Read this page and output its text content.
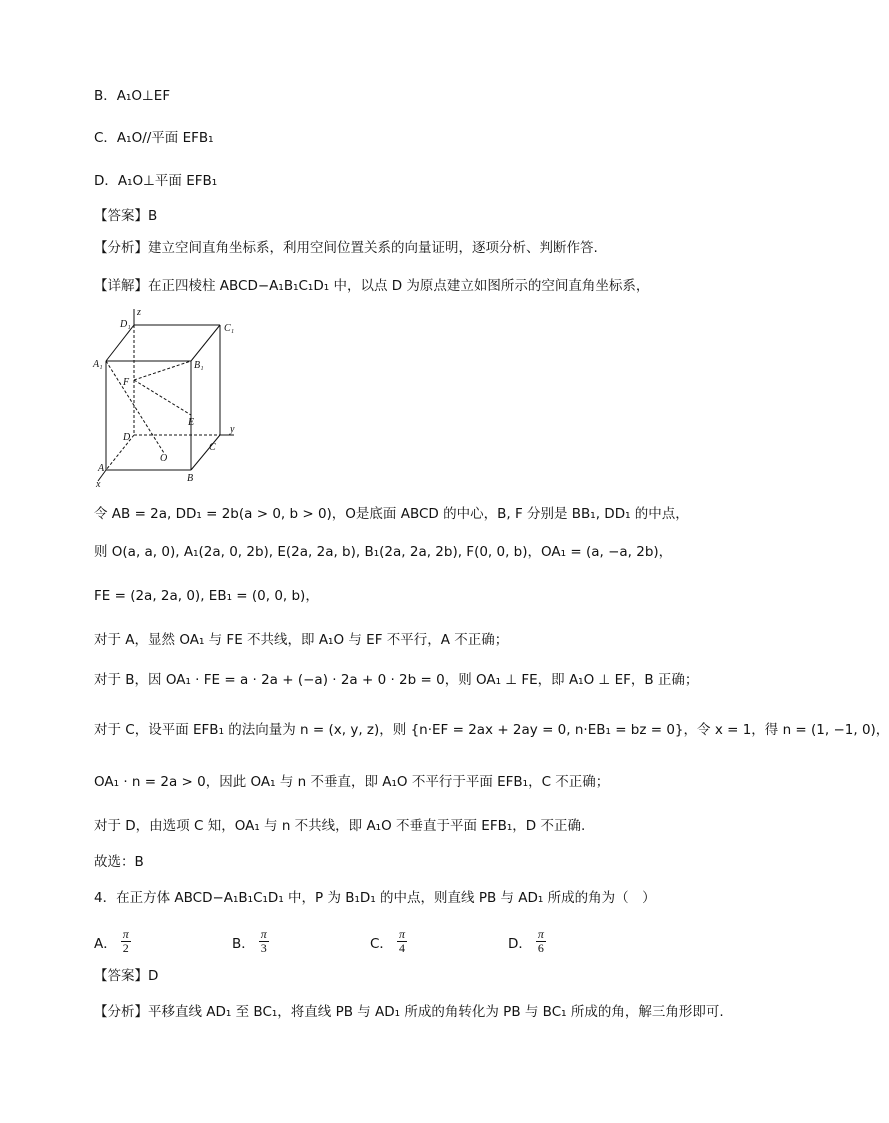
B．A₁O⊥EF
C．A₁O//平面 EFB₁
D．A₁O⊥平面 EFB₁
【答案】B
【分析】建立空间直角坐标系，利用空间位置关系的向量证明，逐项分析、判断作答.
【详解】在正四棱柱 ABCD−A₁B₁C₁D₁ 中，以点 D 为原点建立如图所示的空间直角坐标系，
D₁	C₁
A₁	B₁
F
E
D
O
C
A
B
x
y
z
令 AB = 2a, DD₁ = 2b(a > 0, b > 0)，O是底面 ABCD 的中心，B, F 分别是 BB₁, DD₁ 的中点，
则 O(a, a, 0), A₁(2a, 0, 2b), E(2a, 2a, b), B₁(2a, 2a, 2b), F(0, 0, b)，OA₁ = (a, −a, 2b)，
FE = (2a, 2a, 0), EB₁ = (0, 0, b)，
对于 A，显然 OA₁ 与 FE 不共线，即 A₁O 与 EF 不平行，A 不正确；
对于 B，因 OA₁ · FE = a · 2a + (−a) · 2a + 0 · 2b = 0，则 OA₁ ⊥ FE，即 A₁O ⊥ EF，B 正确；
对于 C，设平面 EFB₁ 的法向量为 n = (x, y, z)，则 {n·EF = 2ax + 2ay = 0, n·EB₁ = bz = 0}，令 x = 1，得 n = (1, −1, 0)，
OA₁ · n = 2a > 0，因此 OA₁ 与 n 不垂直，即 A₁O 不平行于平面 EFB₁，C 不正确；
对于 D，由选项 C 知，OA₁ 与 n 不共线，即 A₁O 不垂直于平面 EFB₁，D 不正确.
故选：B
4．在正方体 ABCD−A₁B₁C₁D₁ 中，P 为 B₁D₁ 的中点，则直线 PB 与 AD₁ 所成的角为（　）
A． $\frac{\pi}{2}$	B． $\frac{\pi}{3}$	C． $\frac{\pi}{4}$	D． $\frac{\pi}{6}$
【答案】D
【分析】平移直线 AD₁ 至 BC₁，将直线 PB 与 AD₁ 所成的角转化为 PB 与 BC₁ 所成的角，解三角形即可.
